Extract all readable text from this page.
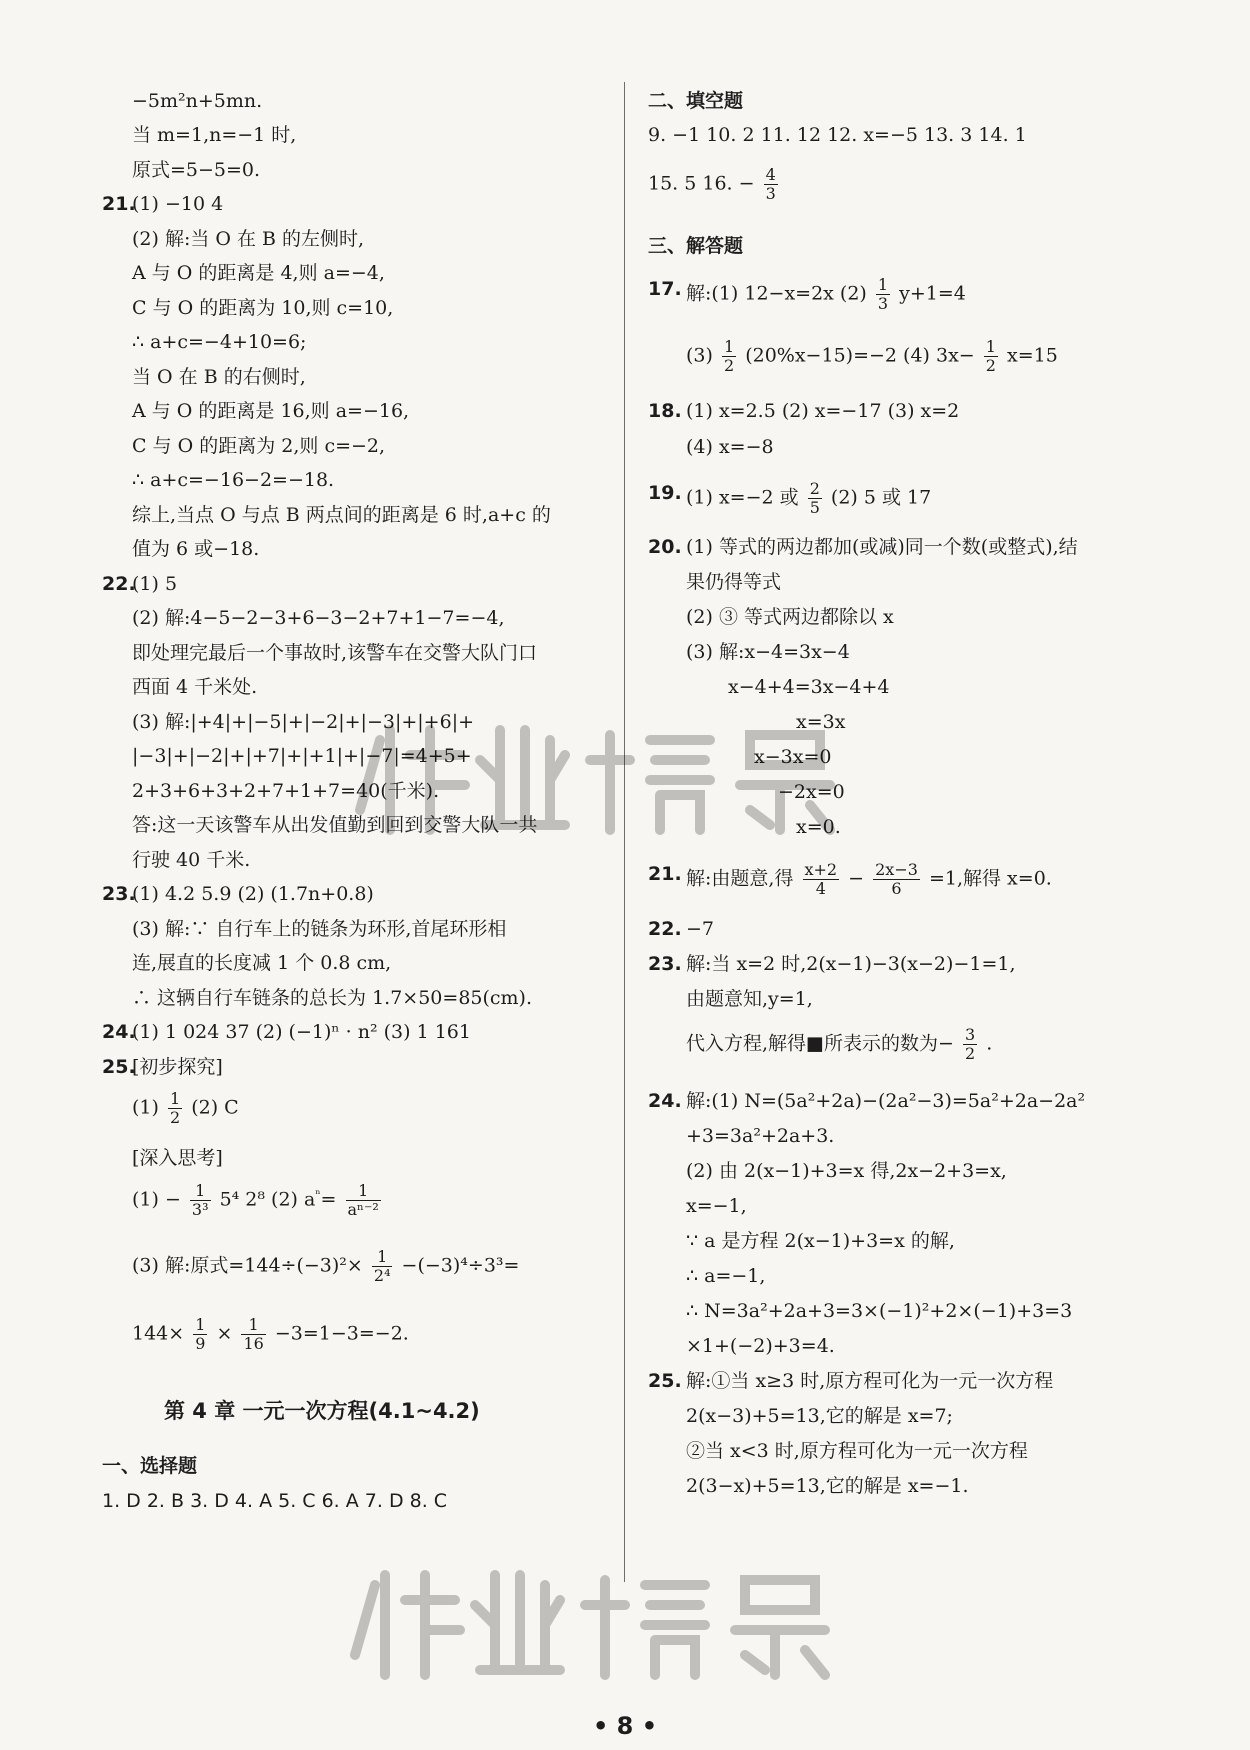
−5m²n+5mn.
当 m=1,n=−1 时,
原式=5−5=0.
21.
(1) −10 4
(2) 解:当 O 在 B 的左侧时,
A 与 O 的距离是 4,则 a=−4,
C 与 O 的距离为 10,则 c=10,
∴ a+c=−4+10=6;
当 O 在 B 的右侧时,
A 与 O 的距离是 16,则 a=−16,
C 与 O 的距离为 2,则 c=−2,
∴ a+c=−16−2=−18.
综上,当点 O 与点 B 两点间的距离是 6 时,a+c 的
值为 6 或−18.
22.
(1) 5
(2) 解:4−5−2−3+6−3−2+7+1−7=−4,
即处理完最后一个事故时,该警车在交警大队门口
西面 4 千米处.
(3) 解:|+4|+|−5|+|−2|+|−3|+|+6|+
|−3|+|−2|+|+7|+|+1|+|−7|=4+5+
2+3+6+3+2+7+1+7=40(千米).
答:这一天该警车从出发值勤到回到交警大队一共
行驶 40 千米.
23.
(1) 4.2 5.9 (2) (1.7n+0.8)
(3) 解:∵ 自行车上的链条为环形,首尾环形相
连,展直的长度减 1 个 0.8 cm,
∴ 这辆自行车链条的总长为 1.7×50=85(cm).
24.
(1) 1 024 37 (2) (−1)ⁿ · n² (3) 1 161
25.
[初步探究]
$(1) \frac{1}{2} (2)$ C
[深入思考]
$(1) - \frac{1}{\text{3³}} 5^4$ 2⁸ (2) $a^{^n}= \frac{1}{\text{aⁿ⁻²}}$
(3) 解:原式$=144\div(-3)^2\times \frac{1}{\text{2⁴}} -(-3)^4\div 3^3=$
$144\times \frac{1}{9} \times \frac{1}{16} -3=1-3=-2$.
第 4 章 一元一次方程(4.1~4.2)
一、选择题
1. D 2. B 3. D 4. A 5. C 6. A 7. D 8. C
二、填空题
9. −1 10. 2 11. 12 12. x=−5 13. 3 14. 1
15. 5 16. − $\frac{4}{3}$
三、解答题
17. 解:(1) 12−x=2x $(2) \frac{1}{3} y+1=4$
$(3) \frac{1}{2} (20\%x-15)=-2$ (4) $3x- \frac{1}{2} x=15$
18. (1) x=2.5 (2) x=−17 (3) x=2
(4) x=−8
19. (1) x=−2 或 $\frac{2}{5} (2)$ 5 或 17
20. (1) 等式的两边都加(或减)同一个数(或整式),结
果仍得等式
(2) ③ 等式两边都除以 x
(3) 解:x−4=3x−4
x−4+4=3x−4+4
x=3x
x−3x=0
−2x=0
x=0.
21. 解:由题意,得 $\frac{x+2}{4} - \frac{2x-3}{6} =1$,解得 x=0.
22. −7
23. 解:当 x=2 时,2(x−1)−3(x−2)−1=1,
由题意知,y=1,
代入方程,解得■所表示的数为− $\frac{3}{2}$ .
24. 解:(1) N=(5a²+2a)−(2a²−3)=5a²+2a−2a²
+3=3a²+2a+3.
(2) 由 2(x−1)+3=x 得,2x−2+3=x,
x=−1,
∵ a 是方程 2(x−1)+3=x 的解,
∴ a=−1,
∴ N=3a²+2a+3=3×(−1)²+2×(−1)+3=3
×1+(−2)+3=4.
25. 解:①当 x≥3 时,原方程可化为一元一次方程
2(x−3)+5=13,它的解是 x=7;
②当 x<3 时,原方程可化为一元一次方程
2(3−x)+5=13,它的解是 x=−1.
• 8 •
